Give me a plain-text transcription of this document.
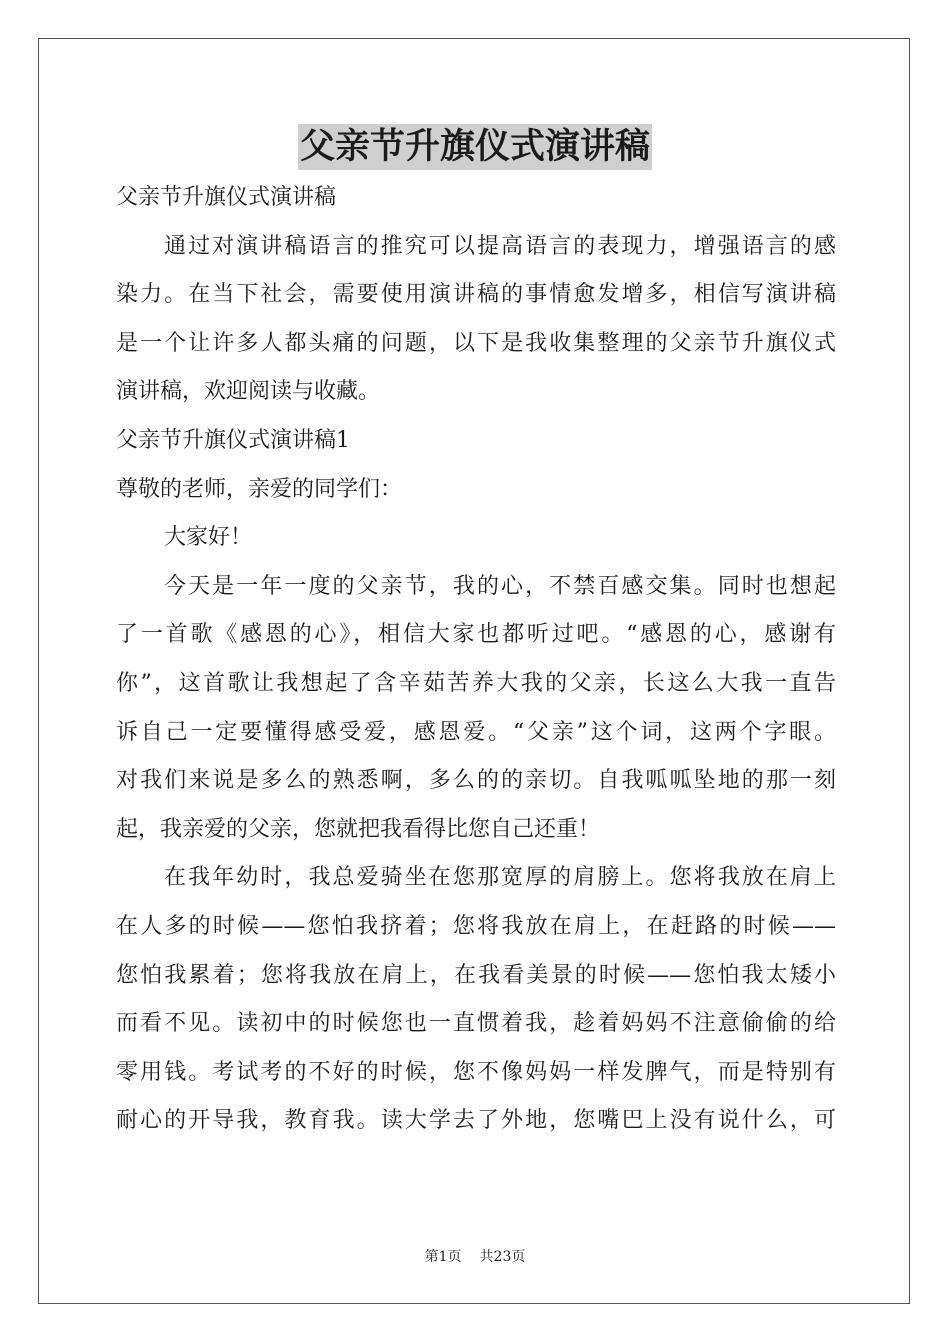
父亲节升旗仪式演讲稿
父亲节升旗仪式演讲稿
通过对演讲稿语言的推究可以提高语言的表现力，增强语言的感
染力。在当下社会，需要使用演讲稿的事情愈发增多，相信写演讲稿
是一个让许多人都头痛的问题，以下是我收集整理的父亲节升旗仪式
演讲稿，欢迎阅读与收藏。
父亲节升旗仪式演讲稿1
尊敬的老师，亲爱的同学们：
大家好！
今天是一年一度的父亲节，我的心，不禁百感交集。同时也想起
了一首歌《感恩的心》，相信大家也都听过吧。“感恩的心，感谢有
你”，这首歌让我想起了含辛茹苦养大我的父亲，长这么大我一直告
诉自己一定要懂得感受爱，感恩爱。“父亲”这个词，这两个字眼。
对我们来说是多么的熟悉啊，多么的的亲切。自我呱呱坠地的那一刻
起，我亲爱的父亲，您就把我看得比您自己还重！
在我年幼时，我总爱骑坐在您那宽厚的肩膀上。您将我放在肩上
在人多的时候——您怕我挤着；您将我放在肩上，在赶路的时候——
您怕我累着；您将我放在肩上，在我看美景的时候——您怕我太矮小
而看不见。读初中的时候您也一直惯着我，趁着妈妈不注意偷偷的给
零用钱。考试考的不好的时候，您不像妈妈一样发脾气，而是特别有
耐心的开导我，教育我。读大学去了外地，您嘴巴上没有说什么，可
第1页 共23页
